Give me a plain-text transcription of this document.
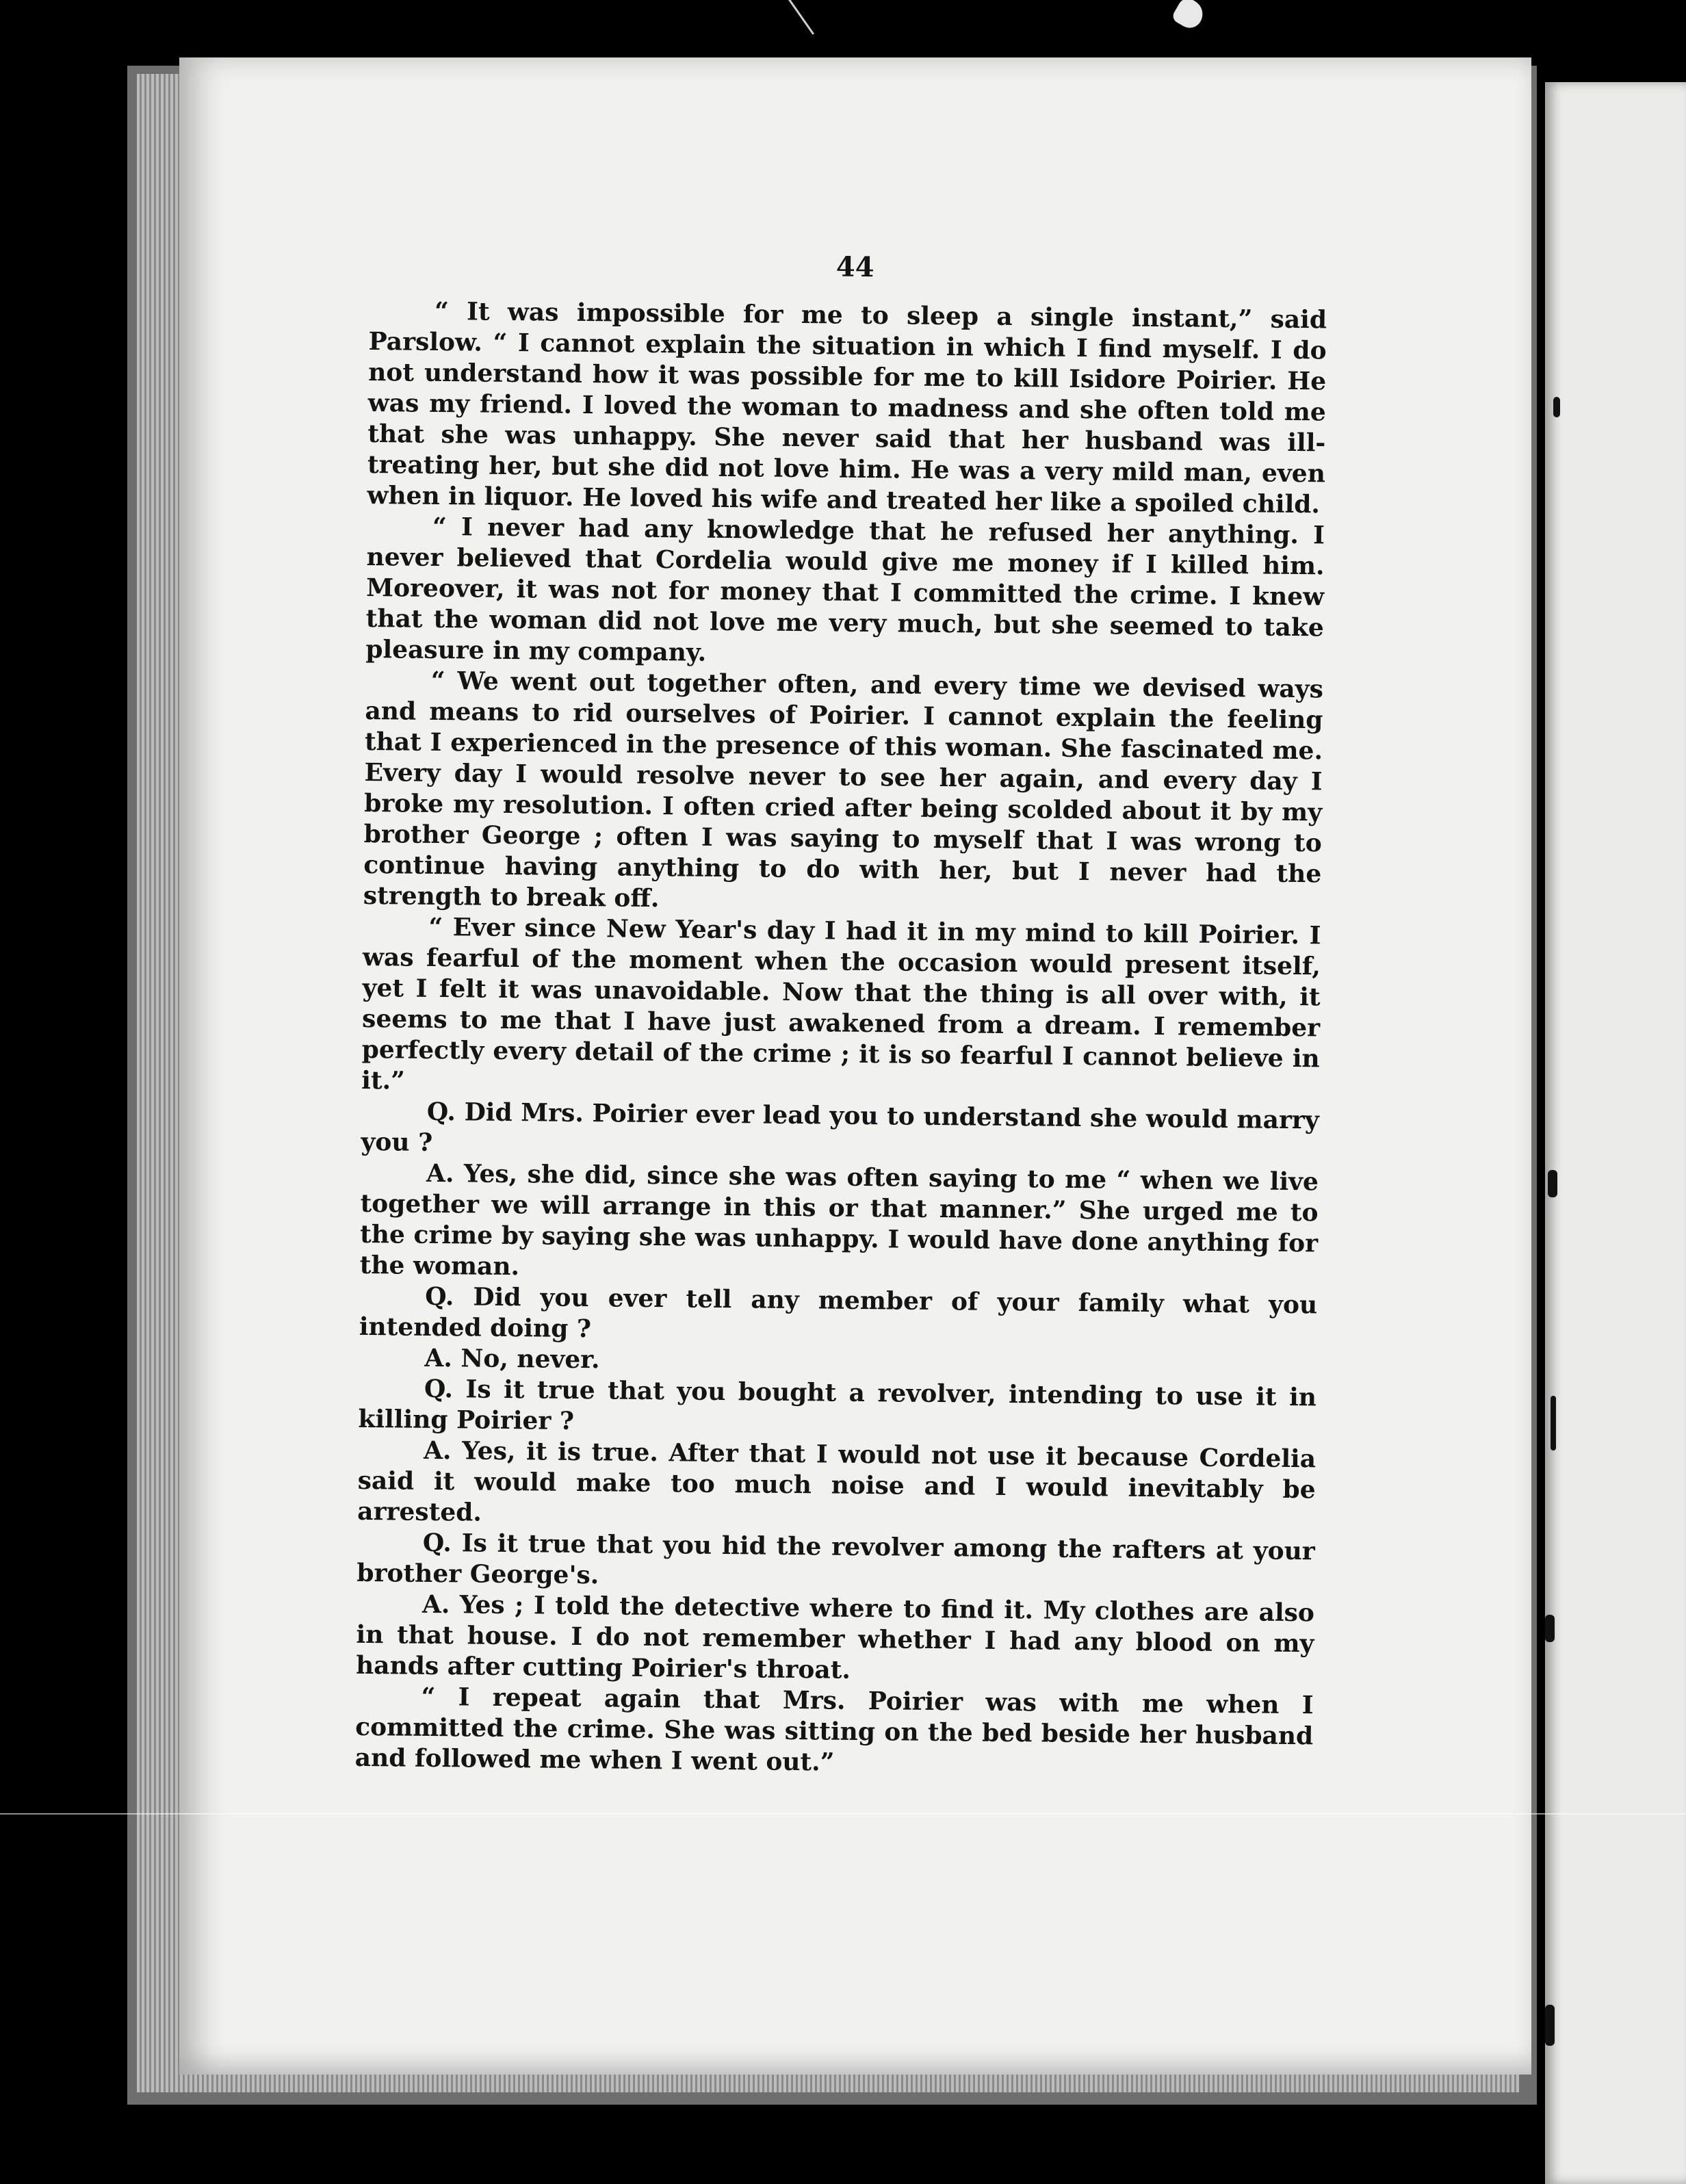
44

“ It was impossible for me to sleep a single instant,” said Parslow. “ I cannot explain the situation in which I find myself. I do not understand how it was possible for me to kill Isidore Poirier. He was my friend. I loved the woman to madness and she often told me that she was unhappy. She never said that her husband was ill-treating her, but she did not love him. He was a very mild man, even when in liquor. He loved his wife and treated her like a spoiled child.

“ I never had any knowledge that he refused her anything. I never believed that Cordelia would give me money if I killed him. Moreover, it was not for money that I committed the crime. I knew that the woman did not love me very much, but she seemed to take pleasure in my company.

“ We went out together often, and every time we devised ways and means to rid ourselves of Poirier. I cannot explain the feeling that I experienced in the presence of this woman. She fascinated me. Every day I would resolve never to see her again, and every day I broke my resolution. I often cried after being scolded about it by my brother George ; often I was saying to myself that I was wrong to continue having anything to do with her, but I never had the strength to break off.

“ Ever since New Year's day I had it in my mind to kill Poirier. I was fearful of the moment when the occasion would present itself, yet I felt it was unavoidable. Now that the thing is all over with, it seems to me that I have just awakened from a dream. I remember perfectly every detail of the crime ; it is so fearful I cannot believe in it.”

Q. Did Mrs. Poirier ever lead you to understand she would marry you ?

A. Yes, she did, since she was often saying to me “ when we live together we will arrange in this or that manner.” She urged me to the crime by saying she was unhappy. I would have done anything for the woman.

Q. Did you ever tell any member of your family what you intended doing ?

A. No, never.

Q. Is it true that you bought a revolver, intending to use it in killing Poirier ?

A. Yes, it is true. After that I would not use it because Cordelia said it would make too much noise and I would inevitably be arrested.

Q. Is it true that you hid the revolver among the rafters at your brother George's.

A. Yes ; I told the detective where to find it. My clothes are also in that house. I do not remember whether I had any blood on my hands after cutting Poirier's throat.

“ I repeat again that Mrs. Poirier was with me when I committed the crime. She was sitting on the bed beside her husband and followed me when I went out.”
